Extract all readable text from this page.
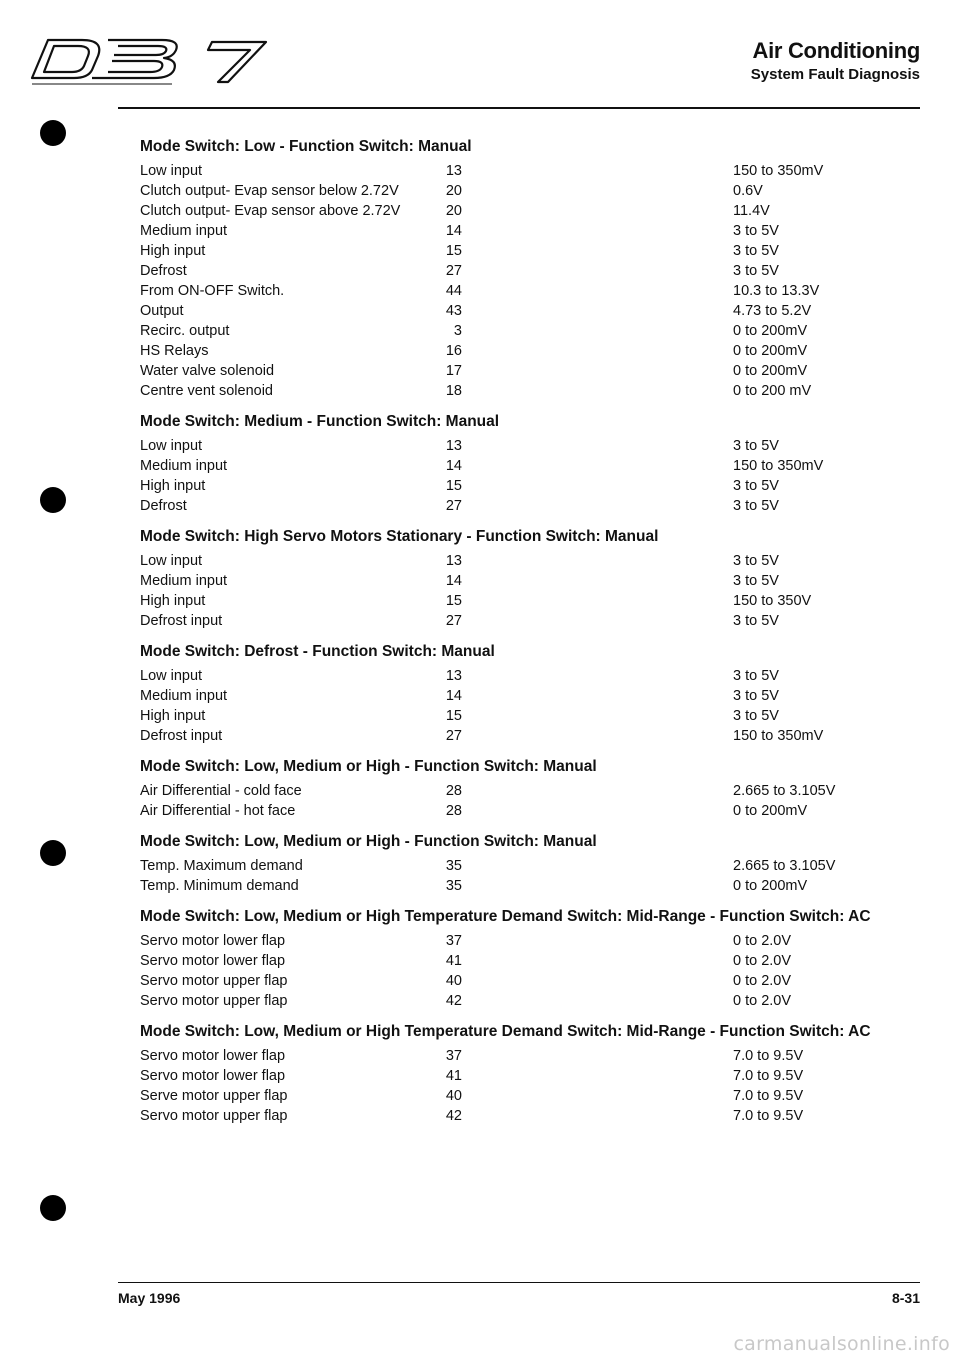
Air Conditioning
System Fault Diagnosis
Mode Switch: Low - Function Switch: Manual
Low input	13	150 to 350mV
Clutch output- Evap sensor below 2.72V	20	0.6V
Clutch output- Evap sensor above 2.72V	20	11.4V
Medium input	14	3 to 5V
High input	15	3 to 5V
Defrost	27	3 to 5V
From ON-OFF Switch.	44	10.3 to 13.3V
Output	43	4.73 to 5.2V
Recirc. output	3	0 to 200mV
HS Relays	16	0 to 200mV
Water valve solenoid	17	0 to 200mV
Centre vent solenoid	18	0 to 200 mV
Mode Switch: Medium - Function Switch: Manual
Low input	13	3 to 5V
Medium input	14	150 to 350mV
High input	15	3 to 5V
Defrost	27	3 to 5V
Mode Switch: High Servo Motors Stationary - Function Switch: Manual
Low input	13	3 to 5V
Medium input	14	3 to 5V
High input	15	150 to 350V
Defrost input	27	3 to 5V
Mode Switch: Defrost - Function Switch: Manual
Low input	13	3 to 5V
Medium input	14	3 to 5V
High input	15	3 to 5V
Defrost input	27	150 to 350mV
Mode Switch: Low, Medium or High - Function Switch: Manual
Air Differential - cold face	28	2.665 to 3.105V
Air Differential - hot face	28	0 to 200mV
Mode Switch: Low, Medium or High - Function Switch: Manual
Temp. Maximum demand	35	2.665 to 3.105V
Temp. Minimum demand	35	0 to 200mV
Mode Switch: Low, Medium or High Temperature Demand Switch: Mid-Range - Function Switch: AC
Servo motor lower flap	37	0 to 2.0V
Servo motor lower flap	41	0 to 2.0V
Servo motor upper flap	40	0 to 2.0V
Servo motor upper flap	42	0 to 2.0V
Mode Switch: Low, Medium or High Temperature Demand Switch: Mid-Range - Function Switch: AC
Servo motor lower flap	37	7.0 to 9.5V
Servo motor lower flap	41	7.0 to 9.5V
Serve motor upper flap	40	7.0 to 9.5V
Servo motor upper flap	42	7.0 to 9.5V
May 1996	8-31
carmanualsonline.info
